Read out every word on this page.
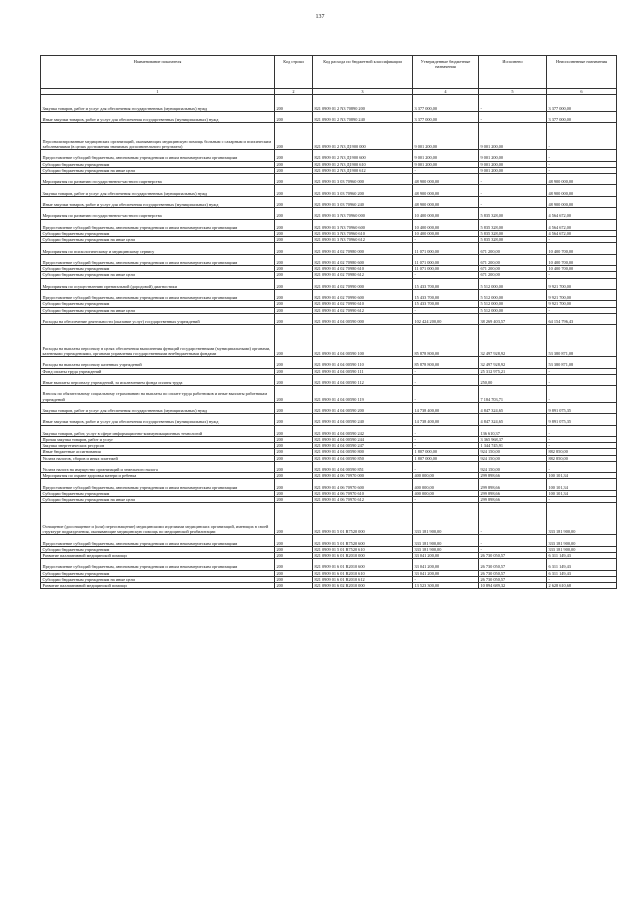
137
Наименование показателя	Код строки	Код расхода по бюджетной классификации	Утвержденные бюджетные назначения	Исполнено	Неисполненные назначения
1	2	3	4	5	6
Закупка товаров, работ и услуг для обеспечения государственных (муниципальных) нужд	200	821 0909 01 2 N3 70890 200	3 377 000,00	-	3 377 000,00
Иные закупки товаров, работ и услуг для обеспечения государственных (муниципальных) нужд	200	821 0909 01 2 N3 70890 240	3 377 000,00	-	3 377 000,00
Персонализированные медицинских организаций, оказывающих медицинскую помощь больным с сахарным и психическим заболеваниями (в целях достижения значимых дополнительного результата)	200	821 0909 01 2 N3 Д1900 000	9 001 200,00	9 001 200,00	-
Предоставление субсидий бюджетным, автономным учреждениям и иным некоммерческим организациям	200	821 0909 01 2 N3 Д1900 600	9 001 200,00	9 001 200,00	-
Субсидии бюджетным учреждениям	200	821 0909 01 2 N3 Д1900 610	9 001 200,00	9 001 200,00	-
Субсидии бюджетным учреждениям на иные цели	200	821 0909 01 2 N3 Д1900 612	-	9 001 200,00	-
Мероприятия по развитию государственно-частного партнерства	200	821 0909 01 3 03 70960 000	48 900 000,00	-	48 900 000,00
Закупка товаров, работ и услуг для обеспечения государственных (муниципальных) нужд	200	821 0909 01 3 03 70960 200	48 900 000,00	-	48 900 000,00
Иные закупки товаров, работ и услуг для обеспечения государственных (муниципальных) нужд	200	821 0909 01 3 03 70960 240	48 900 000,00	-	48 900 000,00
Мероприятия по развитию государственно-частного партнерства	200	821 0909 01 3 N3 70960 000	10 400 000,00	5 835 328,00	4 564 672,00
Предоставление субсидий бюджетным, автономным учреждениям и иным некоммерческим организациям	200	821 0909 01 3 N3 70960 600	10 400 000,00	5 835 328,00	4 564 672,00
Субсидии бюджетным учреждениям	200	821 0909 01 3 N3 70960 610	10 400 000,00	5 835 328,00	4 564 672,00
Субсидии бюджетным учреждениям на иные цели	200	821 0909 01 3 N3 70960 612	-	5 835 328,00	-
Мероприятия по психологическому и медицинскому сервису	200	821 0909 01 4 02 70980 000	11 071 000,00	671 200,00	10 400 700,00
Предоставление субсидий бюджетным, автономным учреждениям и иным некоммерческим организациям	200	821 0909 01 4 02 70980 600	11 071 000,00	671 200,00	10 400 700,00
Субсидии бюджетным учреждениям	200	821 0909 01 4 02 70980 610	11 071 000,00	671 200,00	10 400 700,00
Субсидии бюджетным учреждениям на иные цели	200	821 0909 01 4 02 70980 612	-	671 200,00	-
Мероприятия по осуществлению пренатальной (дородовой) диагностики	200	821 0909 01 4 02 70990 000	15 433 700,00	5 512 000,00	9 921 700,00
Предоставление субсидий бюджетным, автономным учреждениям и иным некоммерческим организациям	200	821 0909 01 4 02 70990 600	15 433 700,00	5 512 000,00	9 921 700,00
Субсидии бюджетным учреждениям	200	821 0909 01 4 02 70990 610	15 433 700,00	5 512 000,00	9 921 700,00
Субсидии бюджетным учреждениям на иные цели	200	821 0909 01 4 02 70990 612	-	5 512 000,00	-
Расходы на обеспечение деятельности (оказание услуг) государственных учреждений	200	821 0909 01 4 04 00590 000	102 424 200,00	38 269 403,57	64 154 796,43
Расходы на выплаты персоналу в целях обеспечения выполнения функций государственными (муниципальными) органами, казенными учреждениями, органами управления государственными внебюджетными фондами	200	821 0909 01 4 04 00590 100	85 878 800,00	32 497 928,92	53 380 871,08
Расходы на выплаты персоналу казенных учреждений	200	821 0909 01 4 04 00590 110	85 878 800,00	32 497 928,92	53 380 871,08
Фонд оплаты труда учреждений	200	821 0909 01 4 04 00590 111	-	25 312 975,21	-
Иные выплаты персоналу учреждений, за исключением фонда оплаты труда	200	821 0909 01 4 04 00590 112	-	250,00	-
Взносы по обязательному социальному страхованию на выплаты по оплате труда работников и иные выплаты работникам учреждений	200	821 0909 01 4 04 00590 119	-	7 184 703,71	-
Закупка товаров, работ и услуг для обеспечения государственных (муниципальных) нужд	200	821 0909 01 4 04 00590 200	14 738 400,00	4 847 324,65	9 891 075,35
Иные закупки товаров, работ и услуг для обеспечения государственных (муниципальных) нужд	200	821 0909 01 4 04 00590 240	14 738 400,00	4 847 324,65	9 891 075,35
Закупка товаров, работ, услуг в сфере информационно-коммуникационных технологий	200	821 0909 01 4 04 00590 242	-	136 610,37	-
Прочая закупка товаров, работ и услуг	200	821 0909 01 4 04 00590 244	-	3 365 968,37	-
Закупка энергетических ресурсов	200	821 0909 01 4 04 00590 247	-	1 344 745,91	-
Иные бюджетные ассигнования	200	821 0909 01 4 04 00590 800	1 807 000,00	924 150,00	882 850,00
Уплата налогов, сборов и иных платежей	200	821 0909 01 4 04 00590 850	1 807 000,00	924 150,00	882 850,00
Уплата налога на имущество организаций и земельного налога	200	821 0909 01 4 04 00590 851	-	924 150,00	-
Мероприятия по охране здоровья матери и ребенка	200	821 0909 01 4 06 70970 000	400 000,00	299 898,66	100 101,34
Предоставление субсидий бюджетным, автономным учреждениям и иным некоммерческим организациям	200	821 0909 01 4 06 70970 600	400 000,00	299 898,66	100 101,34
Субсидии бюджетным учреждениям	200	821 0909 01 4 06 70970 610	400 000,00	299 898,66	100 101,34
Субсидии бюджетным учреждениям на иные цели	200	821 0909 01 4 06 70970 612	-	299 898,66	-
Оснащение (дооснащение и (или) переоснащение) медицинскими изделиями медицинских организаций, имеющих в своей структуре подразделения, оказывающие медицинскую помощь по медицинской реабилитации	200	821 0909 01 5 01 R7520 000	333 181 900,00	-	333 181 900,00
Предоставление субсидий бюджетным, автономным учреждениям и иным некоммерческим организациям	200	821 0909 01 5 01 R7520 600	333 181 900,00	-	333 181 900,00
Субсидии бюджетным учреждениям	200	821 0909 01 5 01 R7520 610	333 181 900,00	-	333 181 900,00
Развитие паллиативной медицинской помощи	200	821 0909 01 6 01 R2010 000	33 041 200,00	26 730 050,57	6 311 149,43
Предоставление субсидий бюджетным, автономным учреждениям и иным некоммерческим организациям	200	821 0909 01 6 01 R2010 600	33 041 200,00	26 730 050,57	6 311 149,43
Субсидии бюджетным учреждениям	200	821 0909 01 6 01 R2010 610	33 041 200,00	26 730 050,57	6 311 149,43
Субсидии бюджетным учреждениям на иные цели	200	821 0909 01 6 01 R2010 612	-	26 730 050,57	-
Развитие паллиативной медицинской помощи	200	821 0909 01 6 02 R2010 000	13 523 300,00	10 894 689,32	2 628 610,68
